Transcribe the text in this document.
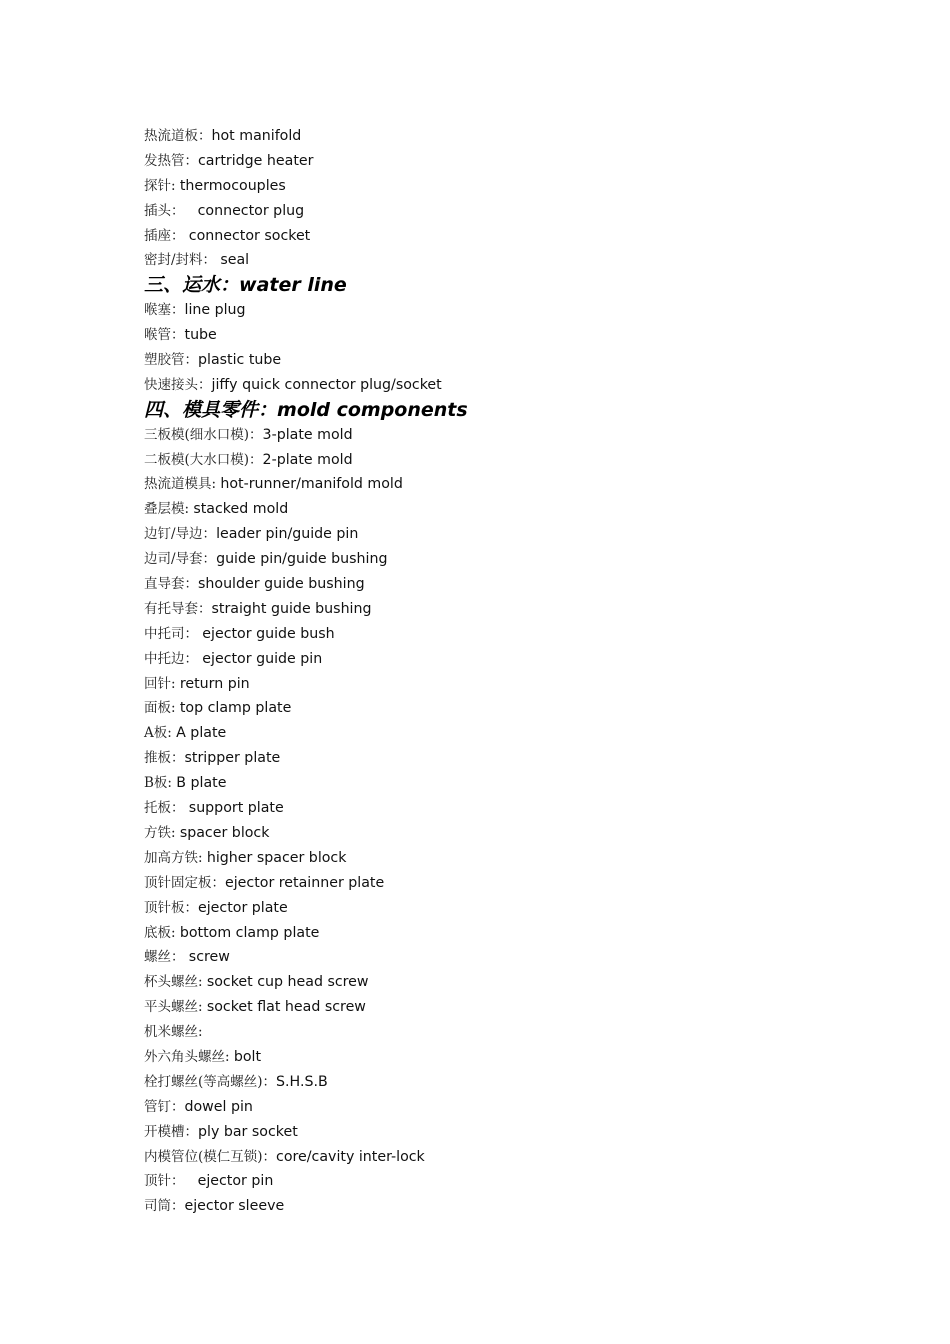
热流道板：hot manifold
发热管：cartridge heater
探针: thermocouples
插头：   connector plug
插座： connector socket
密封/封料： seal
三、运水：water line
喉塞：line plug
喉管：tube
塑胶管：plastic tube
快速接头：jiffy quick connector plug/socket
四、模具零件：mold components
三板模(细水口模)：3-plate mold
二板模(大水口模)：2-plate mold
热流道模具: hot-runner/manifold mold
叠层模: stacked mold
边钉/导边：leader pin/guide pin
边司/导套：guide pin/guide bushing
直导套：shoulder guide bushing
有托导套：straight guide bushing
中托司： ejector guide bush
中托边： ejector guide pin
回针: return pin
面板: top clamp plate
A板: A plate
推板：stripper plate
B板: B plate
托板： support plate
方铁: spacer block
加高方铁: higher spacer block
顶针固定板：ejector retainner plate
顶针板：ejector plate
底板: bottom clamp plate
螺丝： screw
杯头螺丝: socket cup head screw
平头螺丝: socket flat head screw
机米螺丝:
外六角头螺丝: bolt
栓打螺丝(等高螺丝)：S.H.S.B
管钉：dowel pin
开模槽：ply bar socket
内模管位(模仁互锁)：core/cavity inter-lock
顶针：   ejector pin
司筒：ejector sleeve
